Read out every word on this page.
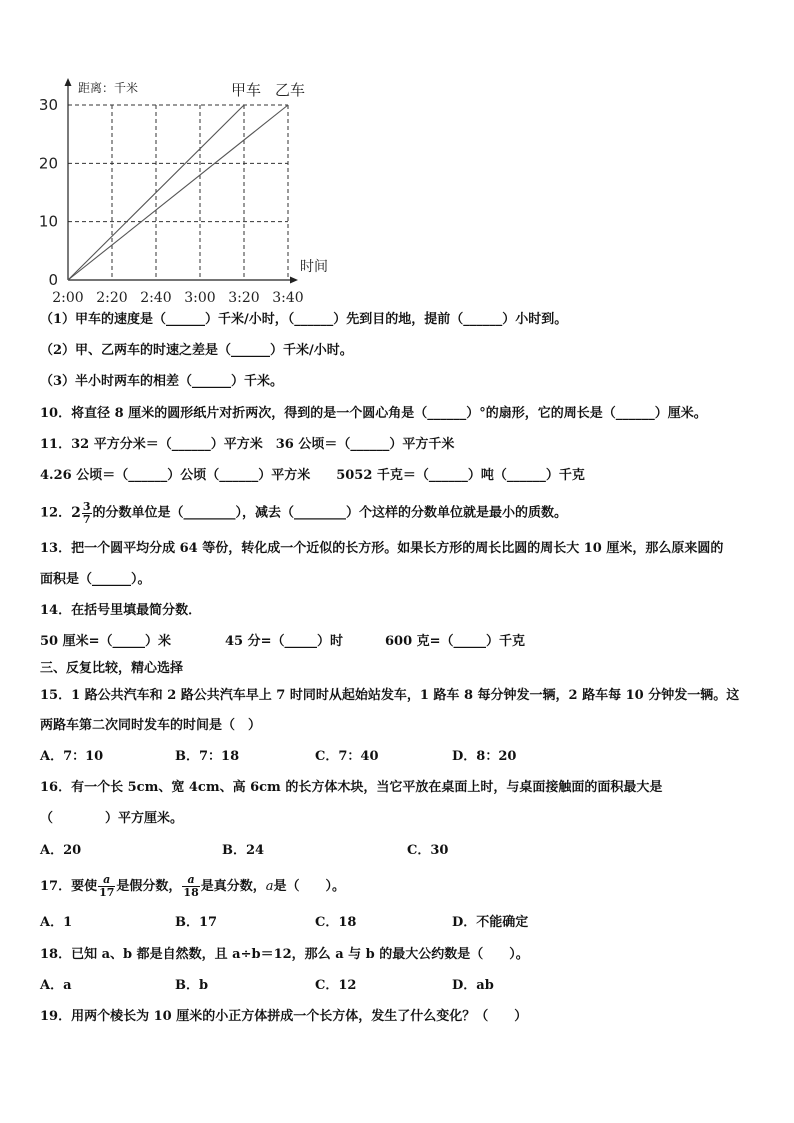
2:00 2:20 2:40 3:00 3:20 3:40
0
10
20
30
甲车 乙车
距离：千米
时间
（1）甲车的速度是（______）千米/小时，（______）先到目的地，提前（______）小时到。
（2）甲、乙两车的时速之差是（______）千米/小时。
（3）半小时两车的相差（______）千米。
10．将直径 8 厘米的圆形纸片对折两次，得到的是一个圆心角是（______）°的扇形，它的周长是（______）厘米。
11．32 平方分米＝（______）平方米　36 公顷＝（______）平方千米
4.26 公顷＝（______）公顷（______）平方米　　5052 千克＝（______）吨（______）千克
12．$2 \frac{3}{7}$ 的分数单位是（________），减去（________）个这样的分数单位就是最小的质数。
13．把一个圆平均分成 64 等份，转化成一个近似的长方形。如果长方形的周长比圆的周长大 10 厘米，那么原来圆的
面积是（______）。
14．在括号里填最简分数．
50 厘米=（_____）米	45 分=（_____）时	600 克=（_____）千克
三、反复比较，精心选择
15．1 路公共汽车和 2 路公共汽车早上 7 时同时从起始站发车，1 路车 8 每分钟发一辆，2 路车每 10 分钟发一辆。这
两路车第二次同时发车的时间是（　）
A．7：10	B．7：18	C．7：40	D．8：20
16．有一个长 5cm、宽 4cm、高 6cm 的长方体木块，当它平放在桌面上时，与桌面接触面的面积最大是
（　　　　）平方厘米。
A．20	B．24	C．30
17．要使 $\frac{a}{17}$ 是假分数， $\frac{a}{18}$ 是真分数，a是（　　）。
A．1	B．17	C．18	D．不能确定
18．已知 a、b 都是自然数，且 a÷b＝12，那么 a 与 b 的最大公约数是（　　）。
A．a	B．b	C．12	D．ab
19．用两个棱长为 10 厘米的小正方体拼成一个长方体，发生了什么变化？（　　）
